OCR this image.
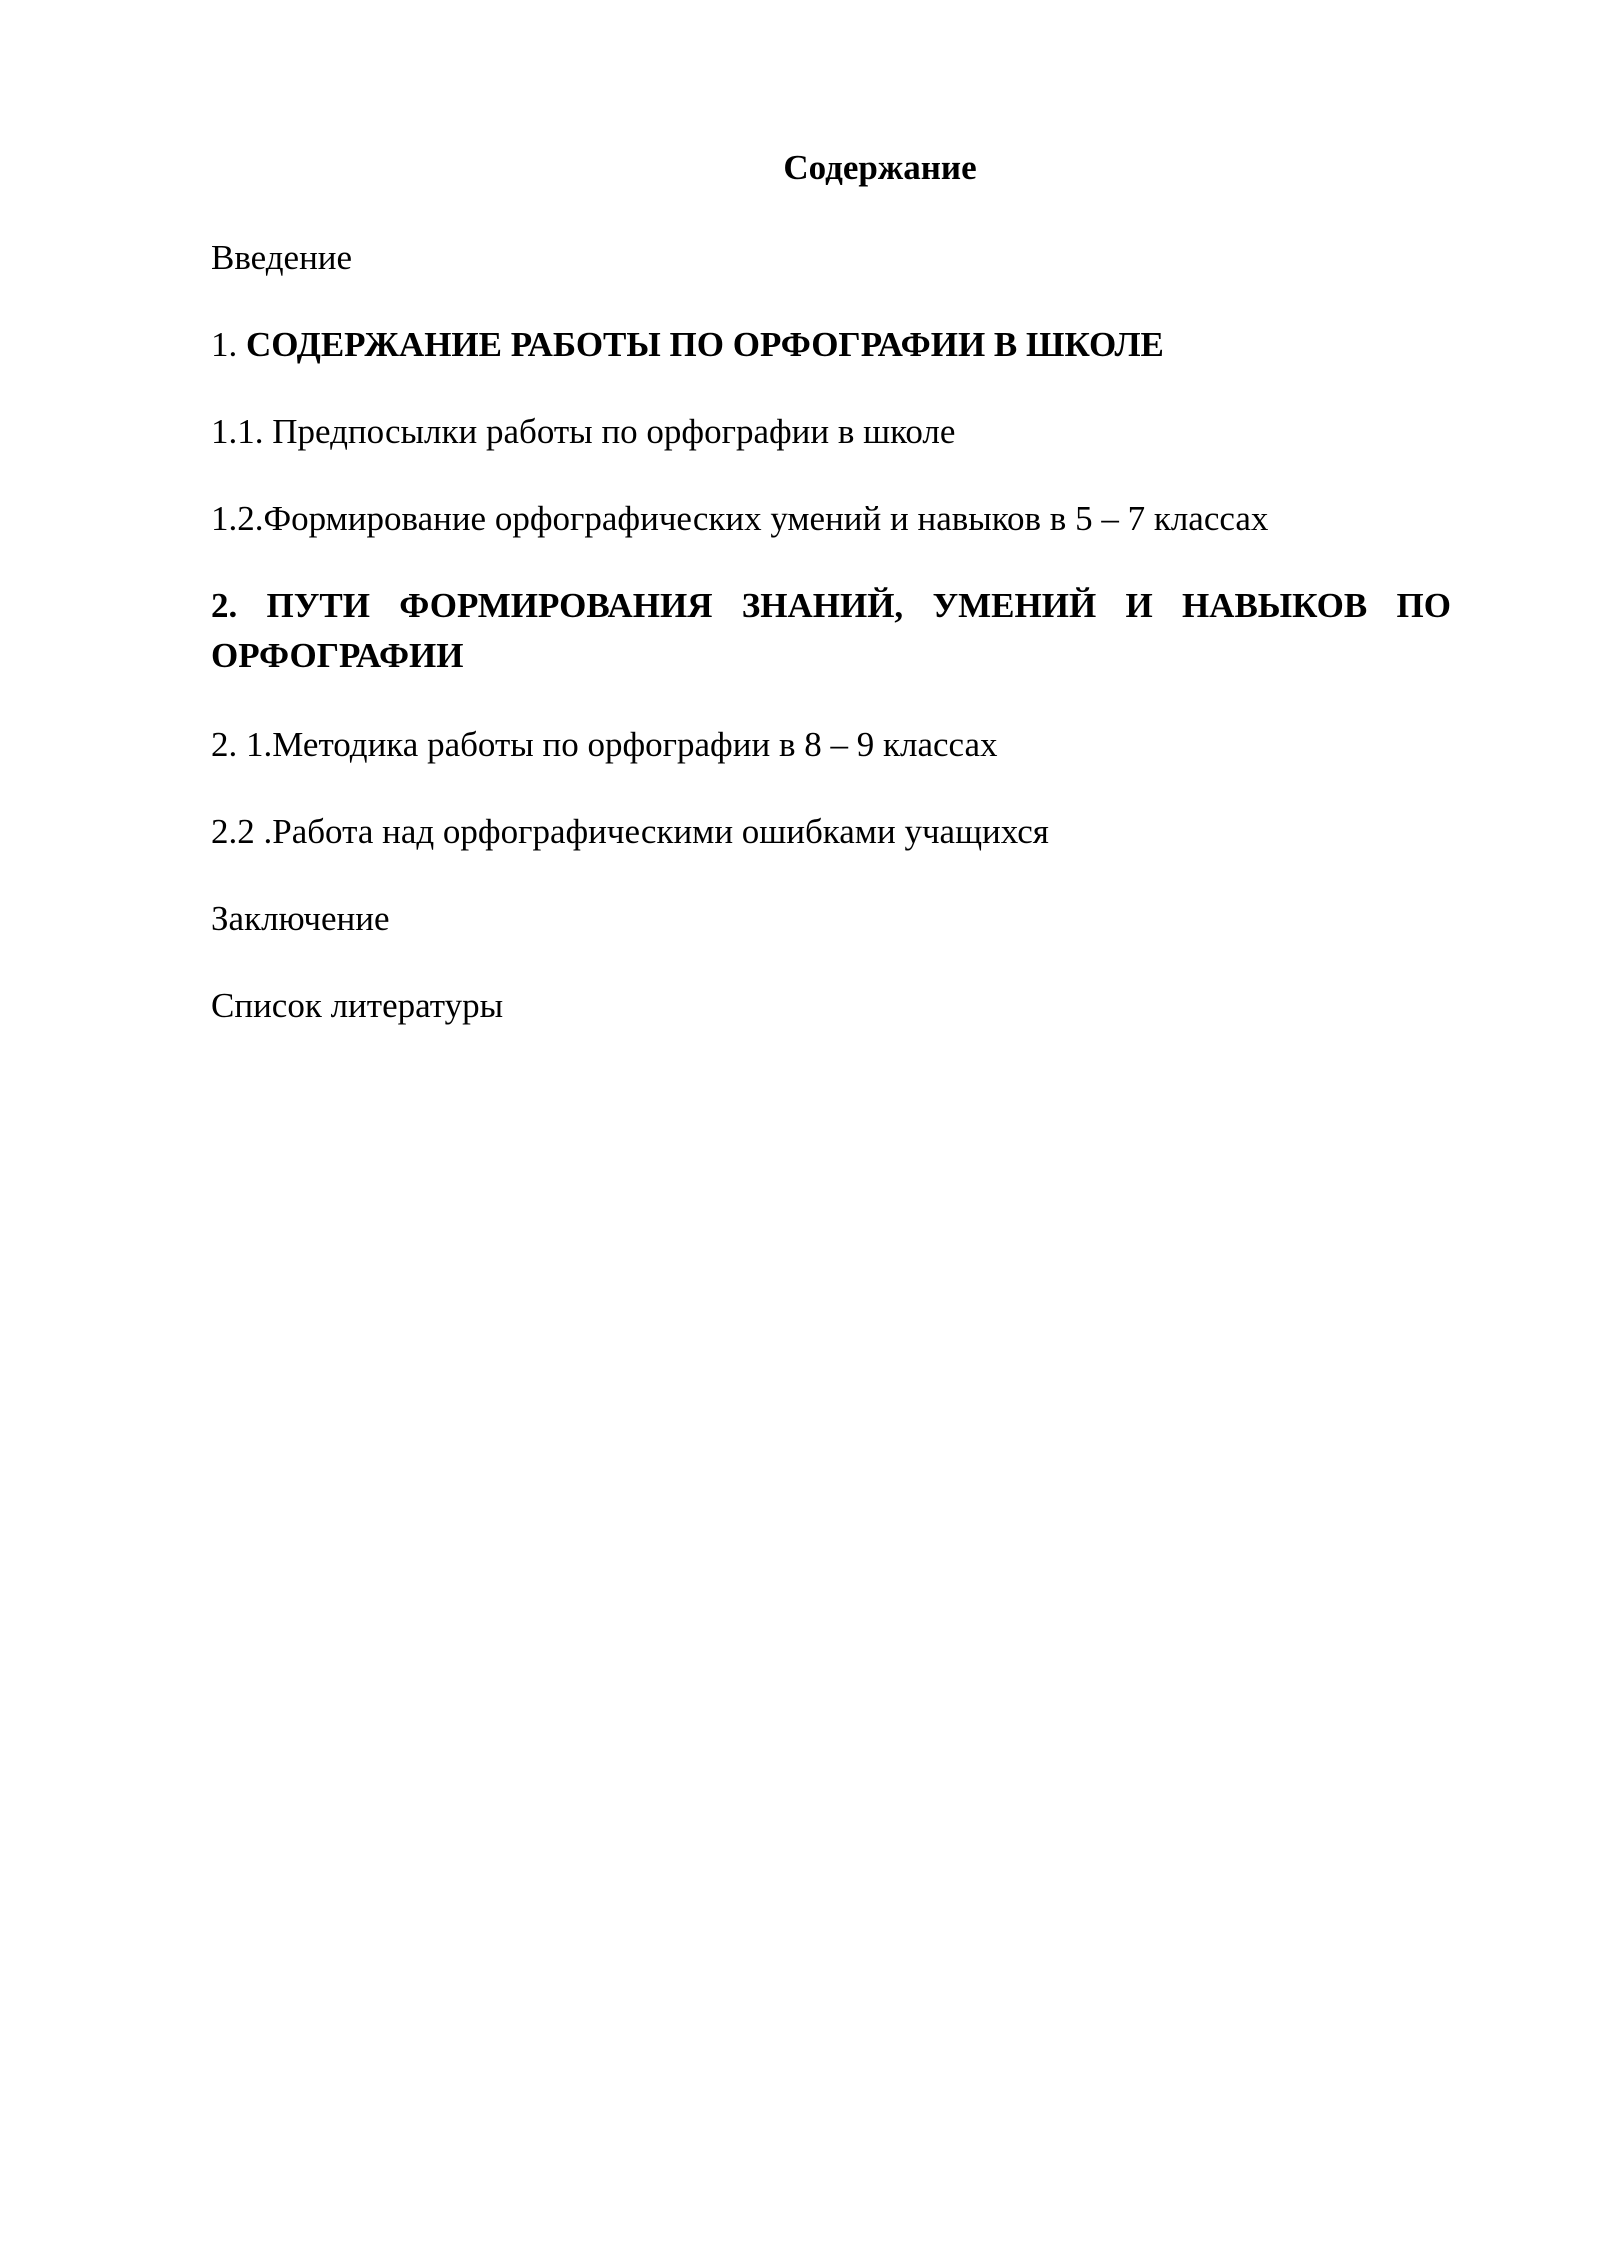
Содержание
Введение
1. СОДЕРЖАНИЕ РАБОТЫ ПО ОРФОГРАФИИ В ШКОЛЕ
1.1. Предпосылки работы по орфографии в школе
1.2.Формирование орфографических умений и навыков в 5 – 7 классах
2. ПУТИ ФОРМИРОВАНИЯ ЗНАНИЙ, УМЕНИЙ И НАВЫКОВ ПО
ОРФОГРАФИИ
2. 1.Методика работы по орфографии в 8 – 9 классах
2.2 .Работа над орфографическими ошибками учащихся
Заключение
Список литературы
